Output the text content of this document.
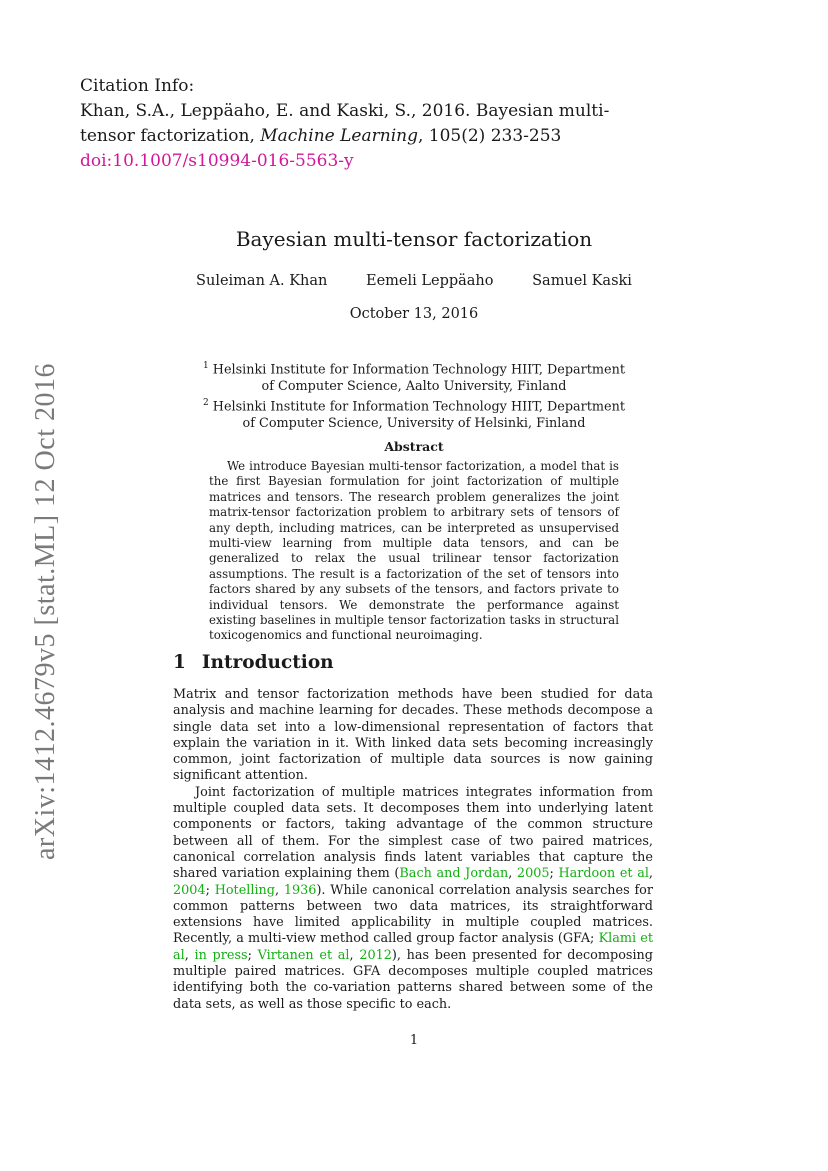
Citation Info:
Khan, S.A., Leppäaho, E. and Kaski, S., 2016. Bayesian multi-
tensor factorization, Machine Learning, 105(2) 233-253
doi:10.1007/s10994-016-5563-y
Bayesian multi-tensor factorization
Suleiman A. Khan	Eemeli Leppäaho	Samuel Kaski
October 13, 2016
$^1$ Helsinki Institute for Information Technology HIIT, Department of Computer Science, Aalto University, Finland
$^2$ Helsinki Institute for Information Technology HIIT, Department of Computer Science, University of Helsinki, Finland
Abstract
We introduce Bayesian multi-tensor factorization, a model that is the first Bayesian formulation for joint factorization of multiple matrices and tensors. The research problem generalizes the joint matrix-tensor factorization problem to arbitrary sets of tensors of any depth, including matrices, can be interpreted as unsupervised multi-view learning from multiple data tensors, and can be generalized to relax the usual trilinear tensor factorization assumptions. The result is a factorization of the set of tensors into factors shared by any subsets of the tensors, and factors private to individual tensors. We demonstrate the performance against existing baselines in multiple tensor factorization tasks in structural toxicogenomics and functional neuroimaging.
1 Introduction

Matrix and tensor factorization methods have been studied for data analysis and machine learning for decades. These methods decompose a single data set into a low-dimensional representation of factors that explain the variation in it. With linked data sets becoming increasingly common, joint factorization of multiple data sources is now gaining significant attention.

Joint factorization of multiple matrices integrates information from multiple coupled data sets. It decomposes them into underlying latent components or factors, taking advantage of the common structure between all of them. For the simplest case of two paired matrices, canonical correlation analysis finds latent variables that capture the shared variation explaining them (Bach and Jordan, 2005; Hardoon et al, 2004; Hotelling, 1936). While canonical correlation analysis searches for common patterns between two data matrices, its straightforward extensions have limited applicability in multiple coupled matrices. Recently, a multi-view method called group factor analysis (GFA; Klami et al, in press; Virtanen et al, 2012), has been presented for decomposing multiple paired matrices. GFA decomposes multiple coupled matrices identifying both the co-variation patterns shared between some of the data sets, as well as those specific to each.

1
arXiv:1412.4679v5 [stat.ML] 12 Oct 2016
